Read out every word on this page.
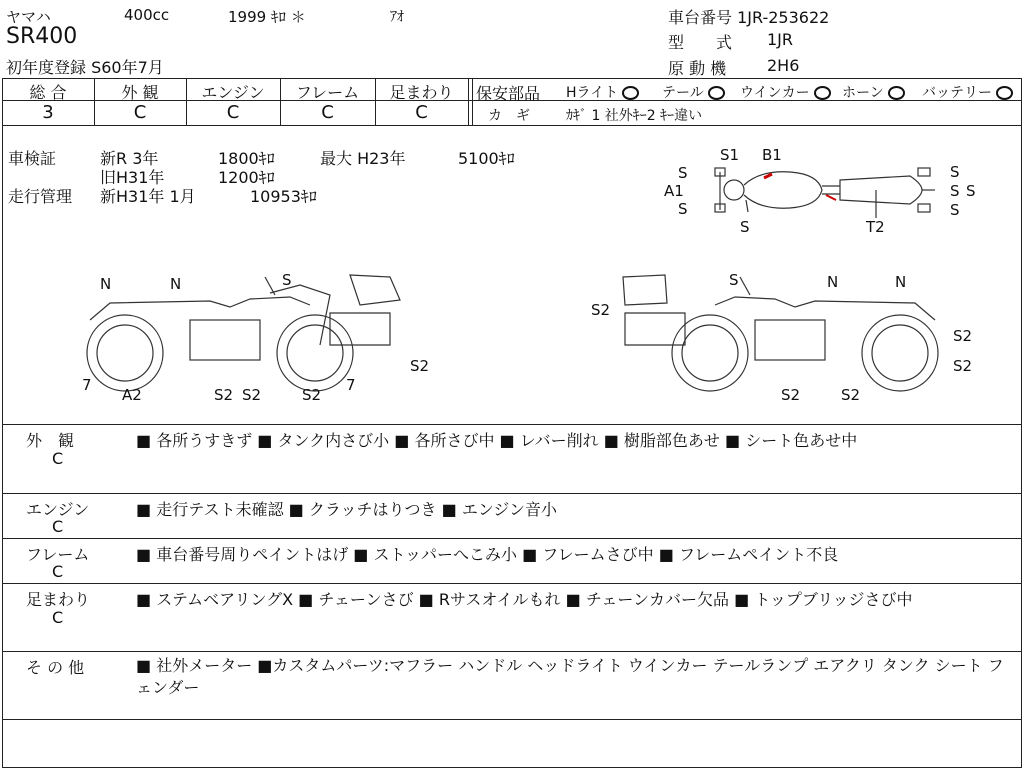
ヤマハ	400cc	1999 ｷﾛ ＊	ｱｵ
SR400
初年度登録 S60年7月
車台番号 1JR-253622
型　　式 1JR
原 動 機	2H6
総 合	外 観	エンジン	フレーム	足まわり
3	C	C	C	C
保安部品 Hライト	テール	ウインカー	ホーン	バッテリー
カ　ギ	ｶｷﾞ 1 社外ｷｰ2 ｷｰ違い
車検証	新R 3年	1800ｷﾛ	最大 H23年	5100ｷﾛ
旧H31年	1200ｷﾛ
走行管理 新H31年 1月	10953ｷﾛ
S
S1 B1
S
A1
S
S
S
S
S
T2
N	N	S
7
A2	S2 S2	S2
7
S2
S
S2
N	N
S2
S2
S2	S2
外　観
C
■ 各所うすきず ■ タンク内さび小 ■ 各所さび中 ■ レバー削れ ■ 樹脂部色あせ ■ シート色あせ中
エンジン
C
■ 走行テスト未確認 ■ クラッチはりつき ■ エンジン音小
フレーム
C
■ 車台番号周りペイントはげ ■ ストッパーへこみ小 ■ フレームさび中 ■ フレームペイント不良
足まわり
C
■ ステムベアリングX ■ チェーンさび ■ Rサスオイルもれ ■ チェーンカバー欠品 ■ トップブリッジさび中
そ の 他	■ 社外メーター ■カスタムパーツ:マフラー ハンドル ヘッドライト ウインカー テールランプ エアクリ タンク シート フェンダー
